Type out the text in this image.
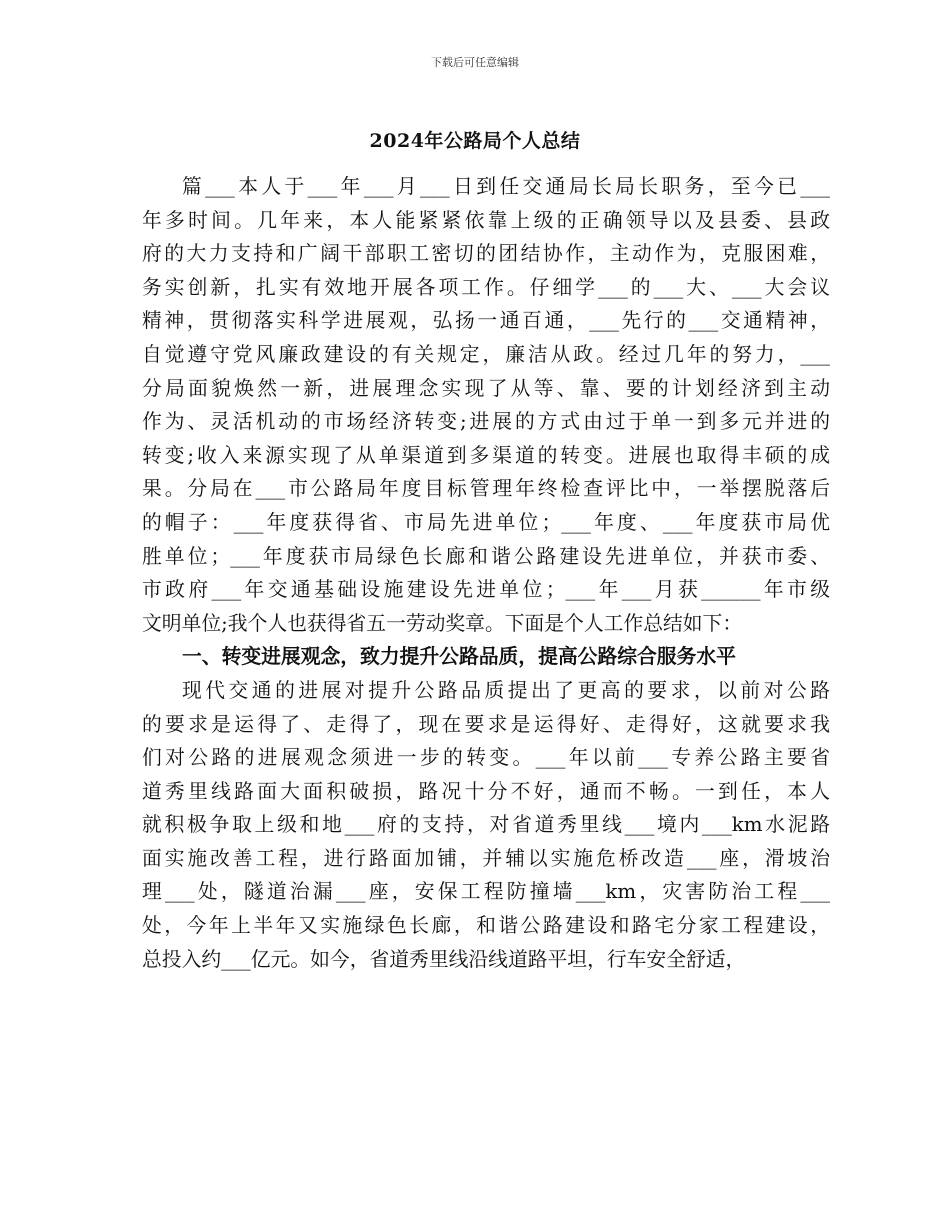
下载后可任意编辑
2024年公路局个人总结
篇___本人于___年___月___日到任交通局长局长职务，至今已___
年多时间。几年来，本人能紧紧依靠上级的正确领导以及县委、县政
府的大力支持和广阔干部职工密切的团结协作，主动作为，克服困难，
务实创新，扎实有效地开展各项工作。仔细学___的___大、___大会议
精神，贯彻落实科学进展观，弘扬一通百通，___先行的___交通精神，
自觉遵守党风廉政建设的有关规定，廉洁从政。经过几年的努力，___
分局面貌焕然一新，进展理念实现了从等、靠、要的计划经济到主动
作为、灵活机动的市场经济转变;进展的方式由过于单一到多元并进的
转变;收入来源实现了从单渠道到多渠道的转变。进展也取得丰硕的成
果。分局在___市公路局年度目标管理年终检查评比中，一举摆脱落后
的帽子：___年度获得省、市局先进单位；___年度、___年度获市局优
胜单位；___年度获市局绿色长廊和谐公路建设先进单位，并获市委、
市政府___年交通基础设施建设先进单位；___年___月获______年市级
文明单位;我个人也获得省五一劳动奖章。下面是个人工作总结如下：
一、转变进展观念，致力提升公路品质，提高公路综合服务水平
现代交通的进展对提升公路品质提出了更高的要求，以前对公路
的要求是运得了、走得了，现在要求是运得好、走得好，这就要求我
们对公路的进展观念须进一步的转变。___年以前___专养公路主要省
道秀里线路面大面积破损，路况十分不好，通而不畅。一到任，本人
就积极争取上级和地___府的支持，对省道秀里线___境内___km水泥路
面实施改善工程，进行路面加铺，并辅以实施危桥改造___座，滑坡治
理___处，隧道治漏___座，安保工程防撞墙___km，灾害防治工程___
处，今年上半年又实施绿色长廊，和谐公路建设和路宅分家工程建设，
总投入约___亿元。如今，省道秀里线沿线道路平坦，行车安全舒适，
